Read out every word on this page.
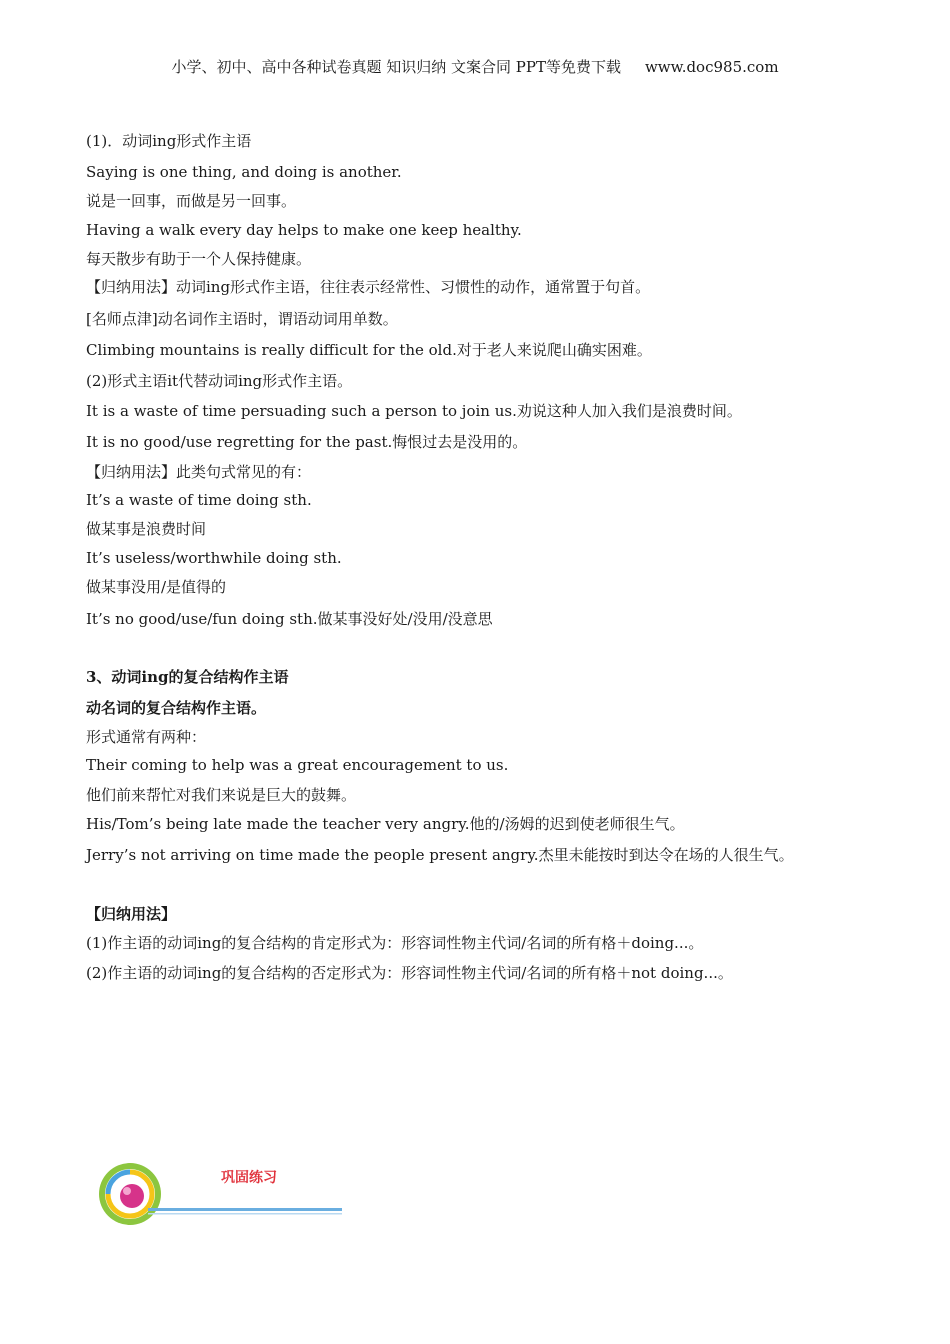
小学、初中、高中各种试卷真题 知识归纳 文案合同 PPT等免费下载 www.doc985.com

(1)．动词ing形式作主语

Saying is one thing, and doing is another.

说是一回事，而做是另一回事。

Having a walk every day helps to make one keep healthy.

每天散步有助于一个人保持健康。

【归纳用法】动词ing形式作主语，往往表示经常性、习惯性的动作，通常置于句首。

[名师点津]动名词作主语时，谓语动词用单数。

Climbing mountains is really difficult for the old.对于老人来说爬山确实困难。

(2)形式主语it代替动词ing形式作主语。

It is a waste of time persuading such a person to join us.劝说这种人加入我们是浪费时间。

It is no good/use regretting for the past.悔恨过去是没用的。

【归纳用法】此类句式常见的有：

It’s a waste of time doing sth.

做某事是浪费时间

It’s useless/worthwhile doing sth.

做某事没用/是值得的

It’s no good/use/fun doing sth.做某事没好处/没用/没意思

3、动词ing的复合结构作主语

动名词的复合结构作主语。

形式通常有两种：

Their coming to help was a great encouragement to us.

他们前来帮忙对我们来说是巨大的鼓舞。

His/Tom’s being late made the teacher very angry.他的/汤姆的迟到使老师很生气。

Jerry’s not arriving on time made the people present angry.杰里未能按时到达令在场的人很生气。

【归纳用法】

(1)作主语的动词ing的复合结构的肯定形式为：形容词性物主代词/名词的所有格＋doing...。

(2)作主语的动词ing的复合结构的否定形式为：形容词性物主代词/名词的所有格＋not doing...。

巩固练习
